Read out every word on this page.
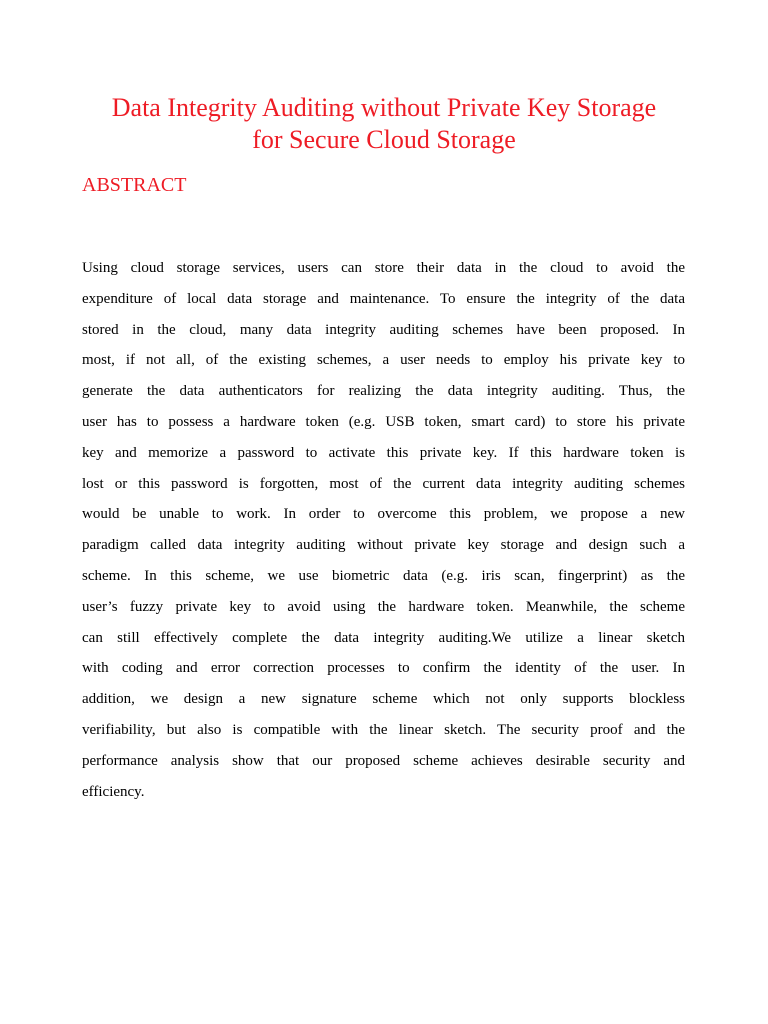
Data Integrity Auditing without Private Key Storage
for Secure Cloud Storage
ABSTRACT
Using cloud storage services, users can store their data in the cloud to avoid the
expenditure of local data storage and maintenance. To ensure the integrity of the data
stored in the cloud, many data integrity auditing schemes have been proposed. In
most, if not all, of the existing schemes, a user needs to employ his private key to
generate the data authenticators for realizing the data integrity auditing. Thus, the
user has to possess a hardware token (e.g. USB token, smart card) to store his private
key and memorize a password to activate this private key. If this hardware token is
lost or this password is forgotten, most of the current data integrity auditing schemes
would be unable to work. In order to overcome this problem, we propose a new
paradigm called data integrity auditing without private key storage and design such a
scheme. In this scheme, we use biometric data (e.g. iris scan, fingerprint) as the
user’s fuzzy private key to avoid using the hardware token. Meanwhile, the scheme
can still effectively complete the data integrity auditing.We utilize a linear sketch
with coding and error correction processes to confirm the identity of the user. In
addition, we design a new signature scheme which not only supports blockless
verifiability, but also is compatible with the linear sketch. The security proof and the
performance analysis show that our proposed scheme achieves desirable security and
efficiency.
